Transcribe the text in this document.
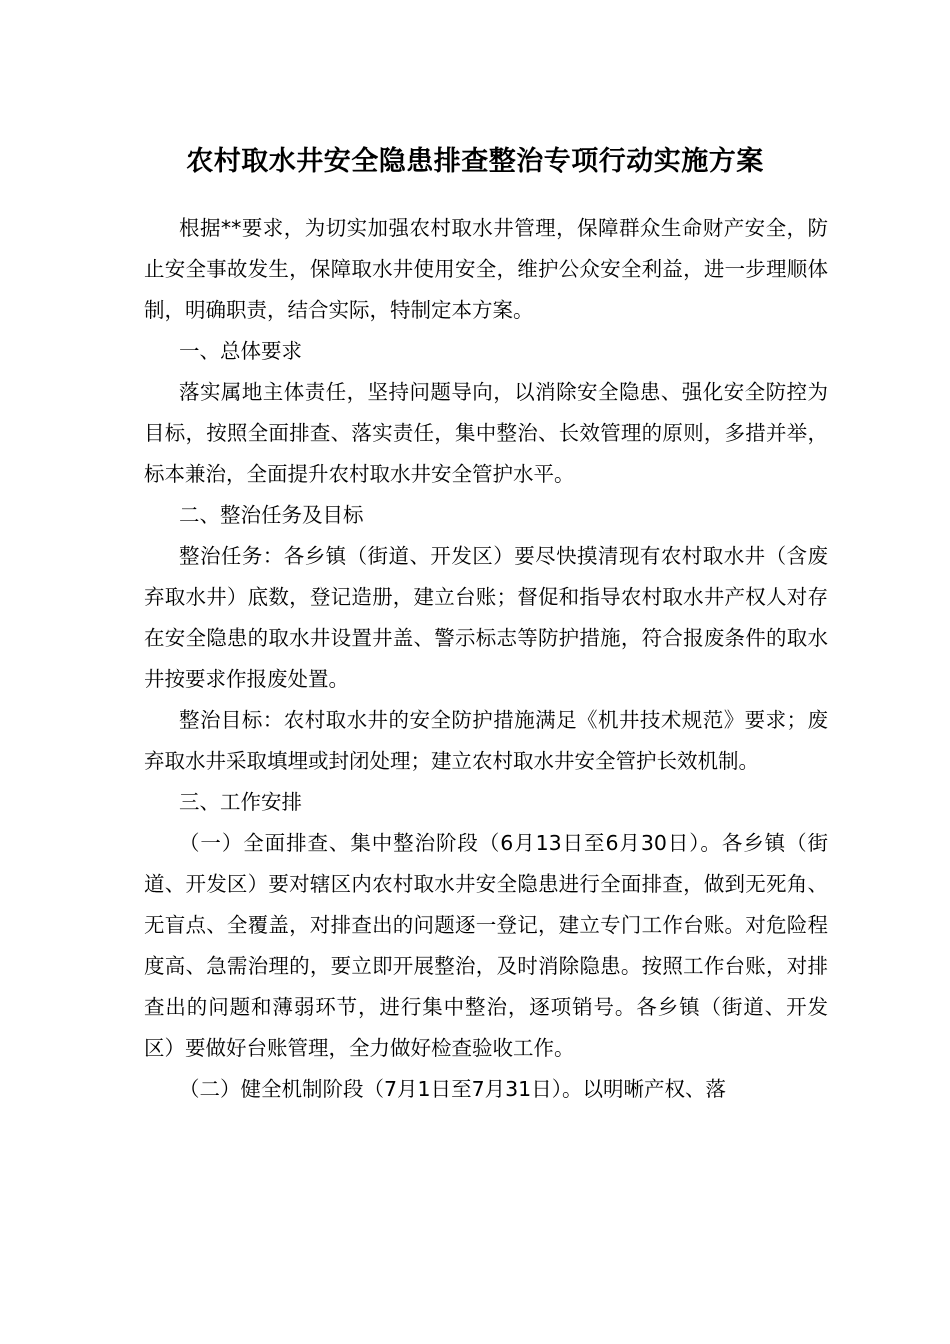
农村取水井安全隐患排查整治专项行动实施方案

根据**要求，为切实加强农村取水井管理，保障群众生命财产安全，防止安全事故发生，保障取水井使用安全，维护公众安全利益，进一步理顺体制，明确职责，结合实际，特制定本方案。

一、总体要求

落实属地主体责任，坚持问题导向，以消除安全隐患、强化安全防控为目标，按照全面排查、落实责任，集中整治、长效管理的原则，多措并举，标本兼治，全面提升农村取水井安全管护水平。

二、整治任务及目标

整治任务：各乡镇（街道、开发区）要尽快摸清现有农村取水井（含废弃取水井）底数，登记造册，建立台账；督促和指导农村取水井产权人对存在安全隐患的取水井设置井盖、警示标志等防护措施，符合报废条件的取水井按要求作报废处置。

整治目标：农村取水井的安全防护措施满足《机井技术规范》要求；废弃取水井采取填埋或封闭处理；建立农村取水井安全管护长效机制。

三、工作安排

（一）全面排查、集中整治阶段（6月13日至6月30日）。各乡镇（街道、开发区）要对辖区内农村取水井安全隐患进行全面排查，做到无死角、无盲点、全覆盖，对排查出的问题逐一登记，建立专门工作台账。对危险程度高、急需治理的，要立即开展整治，及时消除隐患。按照工作台账，对排查出的问题和薄弱环节，进行集中整治，逐项销号。各乡镇（街道、开发区）要做好台账管理，全力做好检查验收工作。

（二）健全机制阶段（7月1日至7月31日）。以明晰产权、落
